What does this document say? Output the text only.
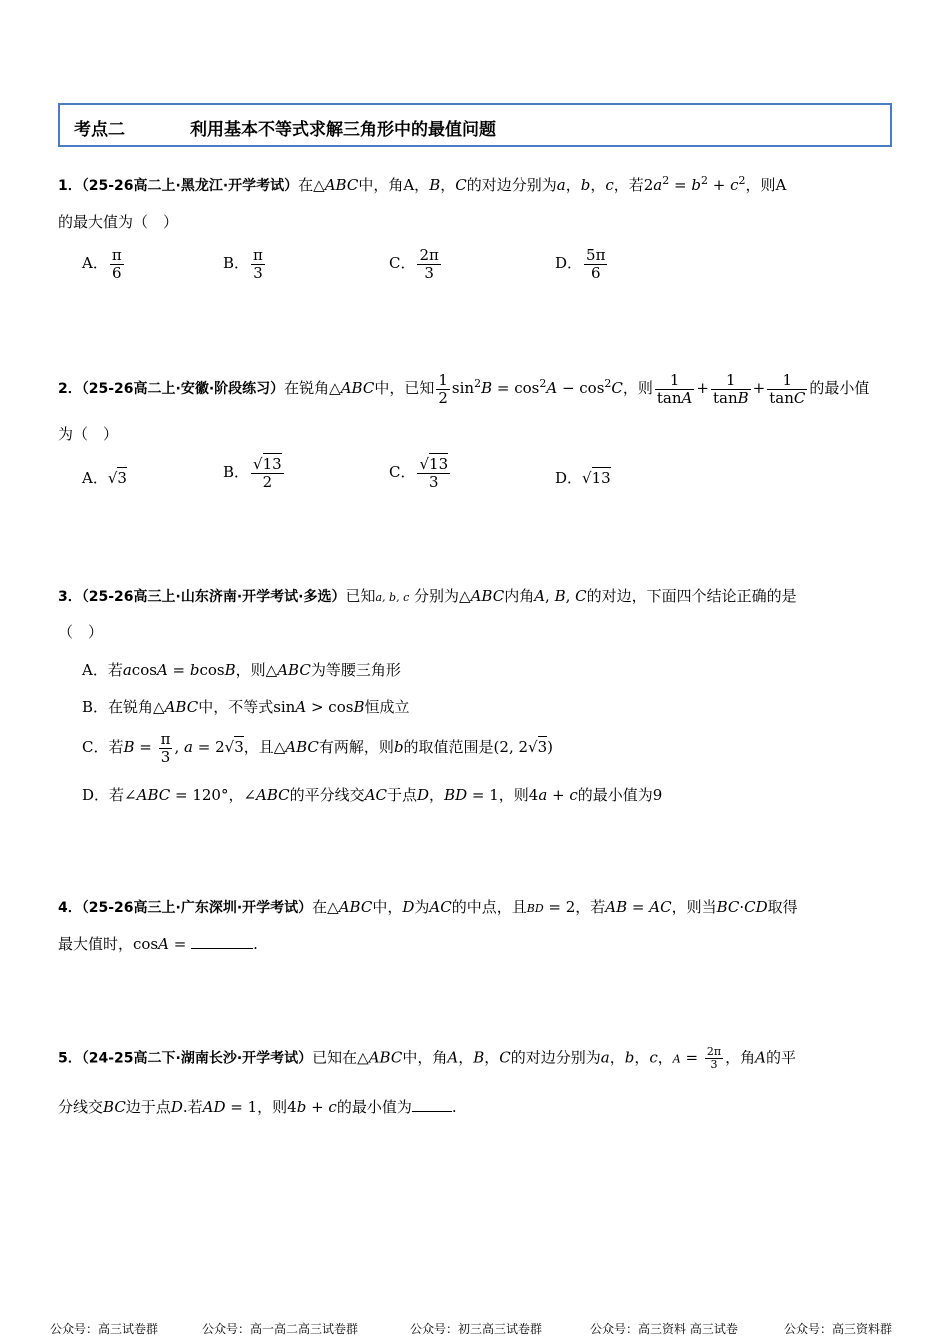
考点二	利用基本不等式求解三角形中的最值问题
1．（25-26高二上·黑龙江·开学考试）在△ABC中，角A，B，C的对边分别为a，b，c，若$2a^2 = b^2 + c^2$，则A
的最大值为（　）
A． $\frac{\pi}{6}$	B． $\frac{\pi}{3}$	C． $\frac{2\pi}{3}$	D． $\frac{5\pi}{6}$
2．（25-26高二上·安徽·阶段练习）在锐角△ABC中，已知 $\frac{1}{2} \sin^2B = \cos^2A - \cos^2C$，则 $\frac{1}{\tan A} + \frac{1}{\tan B} + \frac{1}{\tan C}$ 的最小值
为（　）
A．√3	B． $\frac{√13}{2}$	C． $\frac{√13}{3}$	D．√13
3．（25-26高三上·山东济南·开学考试·多选）已知a, b, c 分别为△ABC内角A, B, C的对边，下面四个结论正确的是
（　）
A．若acosA = bcosB，则△ABC为等腰三角形
B．在锐角△ABC中，不等式sinA > cosB恒成立
C．若$B = \frac{\pi}{3}$ , a = 2√3，且△ABC有两解，则b的取值范围是(2, 2√3)
D．若∠ABC = 120°，∠ABC的平分线交AC于点D，BD = 1，则4a + c的最小值为9
4．（25-26高三上·广东深圳·开学考试）在△ABC中，D为AC的中点，且BD = 2，若AB = AC，则当BC·CD取得
最大值时，cosA =	.
5．（24-25高二下·湖南长沙·开学考试）已知在△ABC中，角A，B，C的对边分别为a，b，c，$A = \frac{2\pi}{3}$ ，角A的平
分线交BC边于点D.若AD = 1，则4b + c的最小值为	.
公众号：高三试卷群	公众号：高一高二高三试卷群	公众号：初三高三试卷群	公众号：高三资料 高三试卷	公众号：高三资料群
